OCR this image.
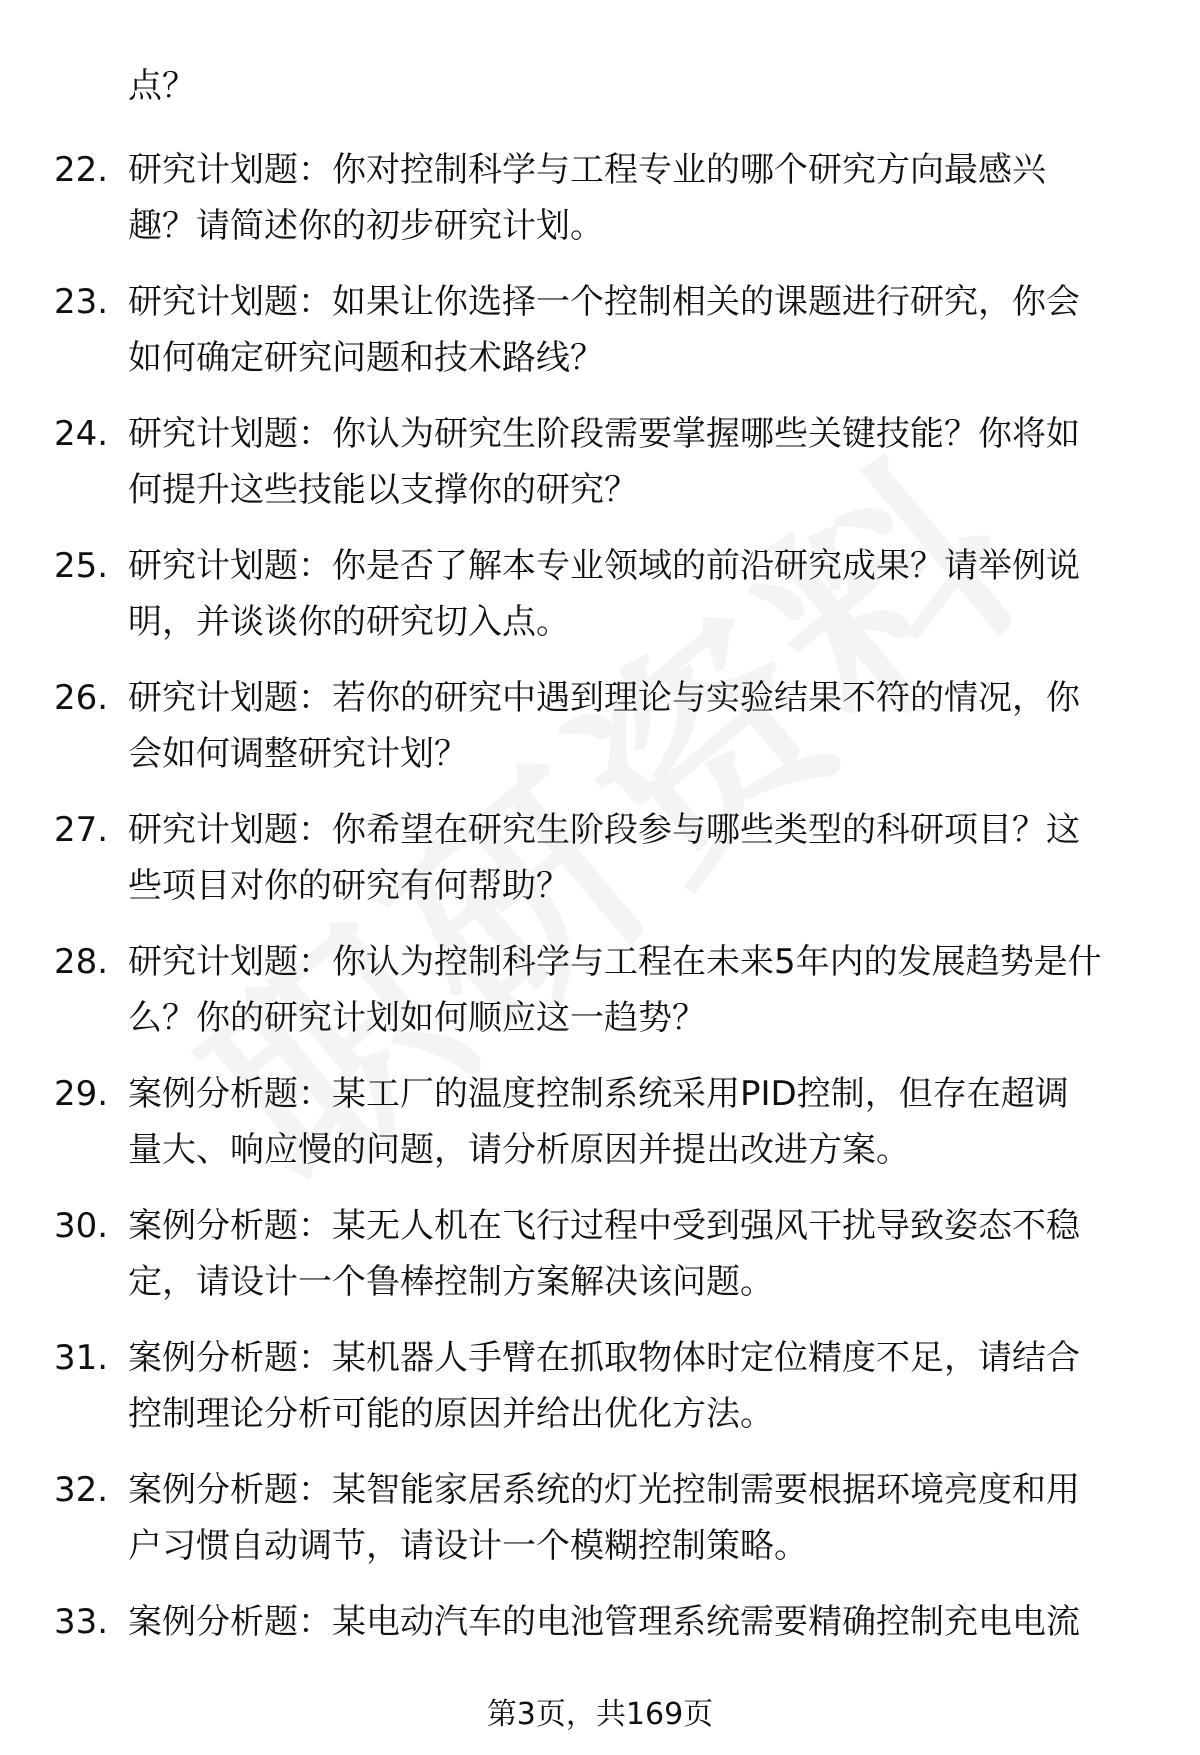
点？
22. 研究计划题：你对控制科学与工程专业的哪个研究方向最感兴
趣？请简述你的初步研究计划。
23. 研究计划题：如果让你选择一个控制相关的课题进行研究，你会
如何确定研究问题和技术路线？
24. 研究计划题：你认为研究生阶段需要掌握哪些关键技能？你将如
何提升这些技能以支撑你的研究？
25. 研究计划题：你是否了解本专业领域的前沿研究成果？请举例说
明，并谈谈你的研究切入点。
26. 研究计划题：若你的研究中遇到理论与实验结果不符的情况，你
会如何调整研究计划？
27. 研究计划题：你希望在研究生阶段参与哪些类型的科研项目？这
些项目对你的研究有何帮助？
28. 研究计划题：你认为控制科学与工程在未来5年内的发展趋势是什
么？你的研究计划如何顺应这一趋势？
29. 案例分析题：某工厂的温度控制系统采用PID控制，但存在超调
量大、响应慢的问题，请分析原因并提出改进方案。
30. 案例分析题：某无人机在飞行过程中受到强风干扰导致姿态不稳
定，请设计一个鲁棒控制方案解决该问题。
31. 案例分析题：某机器人手臂在抓取物体时定位精度不足，请结合
控制理论分析可能的原因并给出优化方法。
32. 案例分析题：某智能家居系统的灯光控制需要根据环境亮度和用
户习惯自动调节，请设计一个模糊控制策略。
33. 案例分析题：某电动汽车的电池管理系统需要精确控制充电电流
第3页，共169页
